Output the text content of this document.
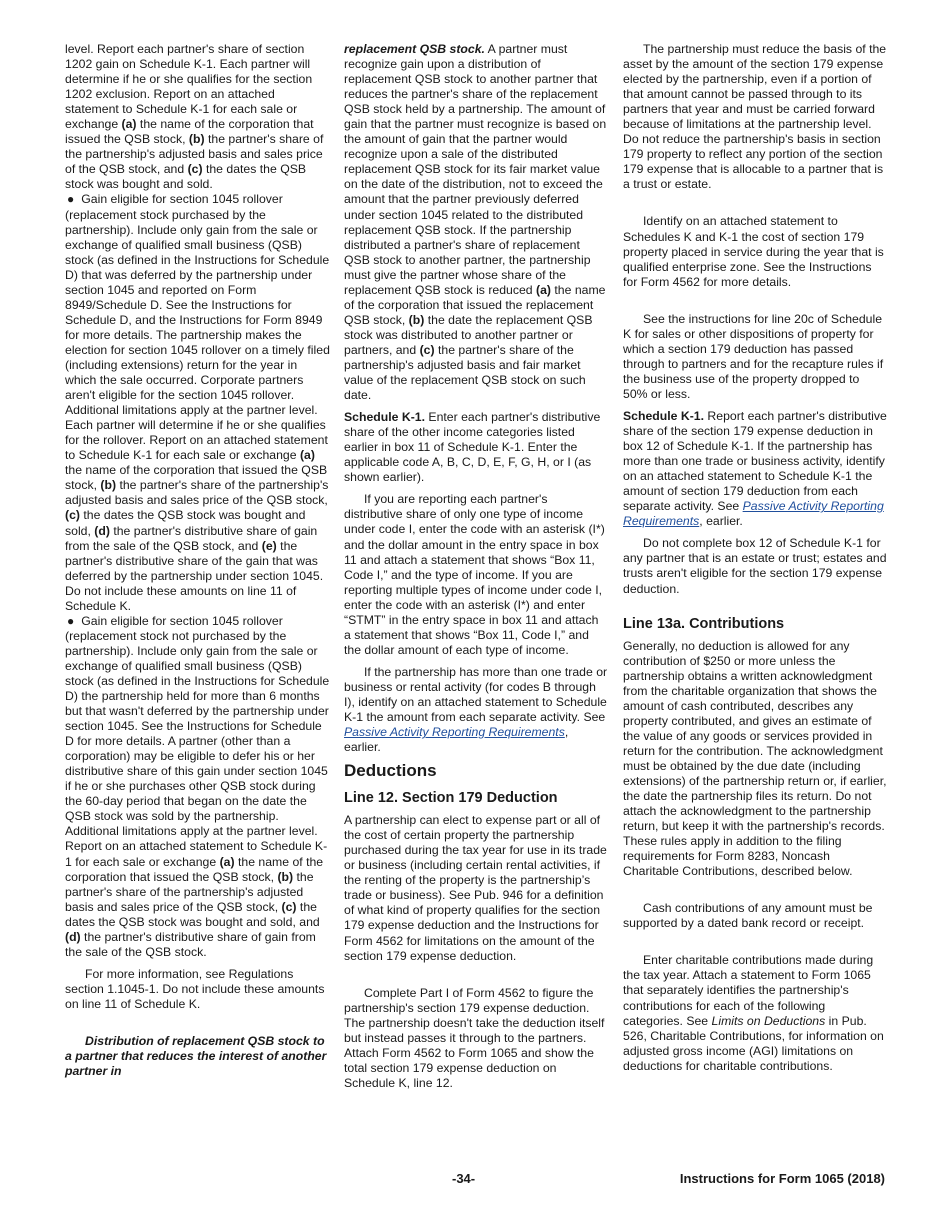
level. Report each partner's share of section 1202 gain on Schedule K-1. Each partner will determine if he or she qualifies for the section 1202 exclusion. Report on an attached statement to Schedule K-1 for each sale or exchange (a) the name of the corporation that issued the QSB stock, (b) the partner's share of the partnership's adjusted basis and sales price of the QSB stock, and (c) the dates the QSB stock was bought and sold.

● Gain eligible for section 1045 rollover (replacement stock purchased by the partnership). Include only gain from the sale or exchange of qualified small business (QSB) stock (as defined in the Instructions for Schedule D) that was deferred by the partnership under section 1045 and reported on Form 8949/Schedule D. See the Instructions for Schedule D, and the Instructions for Form 8949 for more details. The partnership makes the election for section 1045 rollover on a timely filed (including extensions) return for the year in which the sale occurred. Corporate partners aren't eligible for the section 1045 rollover. Additional limitations apply at the partner level. Each partner will determine if he or she qualifies for the rollover. Report on an attached statement to Schedule K-1 for each sale or exchange (a) the name of the corporation that issued the QSB stock, (b) the partner's share of the partnership's adjusted basis and sales price of the QSB stock, (c) the dates the QSB stock was bought and sold, (d) the partner's distributive share of gain from the sale of the QSB stock, and (e) the partner's distributive share of the gain that was deferred by the partnership under section 1045. Do not include these amounts on line 11 of Schedule K.

● Gain eligible for section 1045 rollover (replacement stock not purchased by the partnership). Include only gain from the sale or exchange of qualified small business (QSB) stock (as defined in the Instructions for Schedule D) the partnership held for more than 6 months but that wasn't deferred by the partnership under section 1045. See the Instructions for Schedule D for more details. A partner (other than a corporation) may be eligible to defer his or her distributive share of this gain under section 1045 if he or she purchases other QSB stock during the 60-day period that began on the date the QSB stock was sold by the partnership. Additional limitations apply at the partner level. Report on an attached statement to Schedule K-1 for each sale or exchange (a) the name of the corporation that issued the QSB stock, (b) the partner's share of the partnership's adjusted basis and sales price of the QSB stock, (c) the dates the QSB stock was bought and sold, and (d) the partner's distributive share of gain from the sale of the QSB stock.

For more information, see Regulations section 1.1045-1. Do not include these amounts on line 11 of Schedule K.

Distribution of replacement QSB stock to a partner that reduces the interest of another partner in

replacement QSB stock. A partner must recognize gain upon a distribution of replacement QSB stock to another partner that reduces the partner's share of the replacement QSB stock held by a partnership. The amount of gain that the partner must recognize is based on the amount of gain that the partner would recognize upon a sale of the distributed replacement QSB stock for its fair market value on the date of the distribution, not to exceed the amount that the partner previously deferred under section 1045 related to the distributed replacement QSB stock. If the partnership distributed a partner's share of replacement QSB stock to another partner, the partnership must give the partner whose share of the replacement QSB stock is reduced (a) the name of the corporation that issued the replacement QSB stock, (b) the date the replacement QSB stock was distributed to another partner or partners, and (c) the partner's share of the partnership's adjusted basis and fair market value of the replacement QSB stock on such date.

Schedule K-1. Enter each partner's distributive share of the other income categories listed earlier in box 11 of Schedule K-1. Enter the applicable code A, B, C, D, E, F, G, H, or I (as shown earlier).

If you are reporting each partner's distributive share of only one type of income under code I, enter the code with an asterisk (I*) and the dollar amount in the entry space in box 11 and attach a statement that shows “Box 11, Code I,” and the type of income. If you are reporting multiple types of income under code I, enter the code with an asterisk (I*) and enter “STMT” in the entry space in box 11 and attach a statement that shows “Box 11, Code I,” and the dollar amount of each type of income.

If the partnership has more than one trade or business or rental activity (for codes B through I), identify on an attached statement to Schedule K-1 the amount from each separate activity. See Passive Activity Reporting Requirements, earlier.

Deductions
Line 12. Section 179 Deduction

A partnership can elect to expense part or all of the cost of certain property the partnership purchased during the tax year for use in its trade or business (including certain rental activities, if the renting of the property is the partnership’s trade or business). See Pub. 946 for a definition of what kind of property qualifies for the section 179 expense deduction and the Instructions for Form 4562 for limitations on the amount of the section 179 expense deduction.

Complete Part I of Form 4562 to figure the partnership's section 179 expense deduction. The partnership doesn't take the deduction itself but instead passes it through to the partners. Attach Form 4562 to Form 1065 and show the total section 179 expense deduction on Schedule K, line 12.

The partnership must reduce the basis of the asset by the amount of the section 179 expense elected by the partnership, even if a portion of that amount cannot be passed through to its partners that year and must be carried forward because of limitations at the partnership level. Do not reduce the partnership's basis in section 179 property to reflect any portion of the section 179 expense that is allocable to a partner that is a trust or estate.

Identify on an attached statement to Schedules K and K-1 the cost of section 179 property placed in service during the year that is qualified enterprise zone. See the Instructions for Form 4562 for more details.

See the instructions for line 20c of Schedule K for sales or other dispositions of property for which a section 179 deduction has passed through to partners and for the recapture rules if the business use of the property dropped to 50% or less.

Schedule K-1. Report each partner's distributive share of the section 179 expense deduction in box 12 of Schedule K-1. If the partnership has more than one trade or business activity, identify on an attached statement to Schedule K-1 the amount of section 179 deduction from each separate activity. See Passive Activity Reporting Requirements, earlier.

Do not complete box 12 of Schedule K-1 for any partner that is an estate or trust; estates and trusts aren't eligible for the section 179 expense deduction.

Line 13a. Contributions

Generally, no deduction is allowed for any contribution of $250 or more unless the partnership obtains a written acknowledgment from the charitable organization that shows the amount of cash contributed, describes any property contributed, and gives an estimate of the value of any goods or services provided in return for the contribution. The acknowledgment must be obtained by the due date (including extensions) of the partnership return or, if earlier, the date the partnership files its return. Do not attach the acknowledgment to the partnership return, but keep it with the partnership's records. These rules apply in addition to the filing requirements for Form 8283, Noncash Charitable Contributions, described below.

Cash contributions of any amount must be supported by a dated bank record or receipt.

Enter charitable contributions made during the tax year. Attach a statement to Form 1065 that separately identifies the partnership's contributions for each of the following categories. See Limits on Deductions in Pub. 526, Charitable Contributions, for information on adjusted gross income (AGI) limitations on deductions for charitable contributions.

-34-	Instructions for Form 1065 (2018)
